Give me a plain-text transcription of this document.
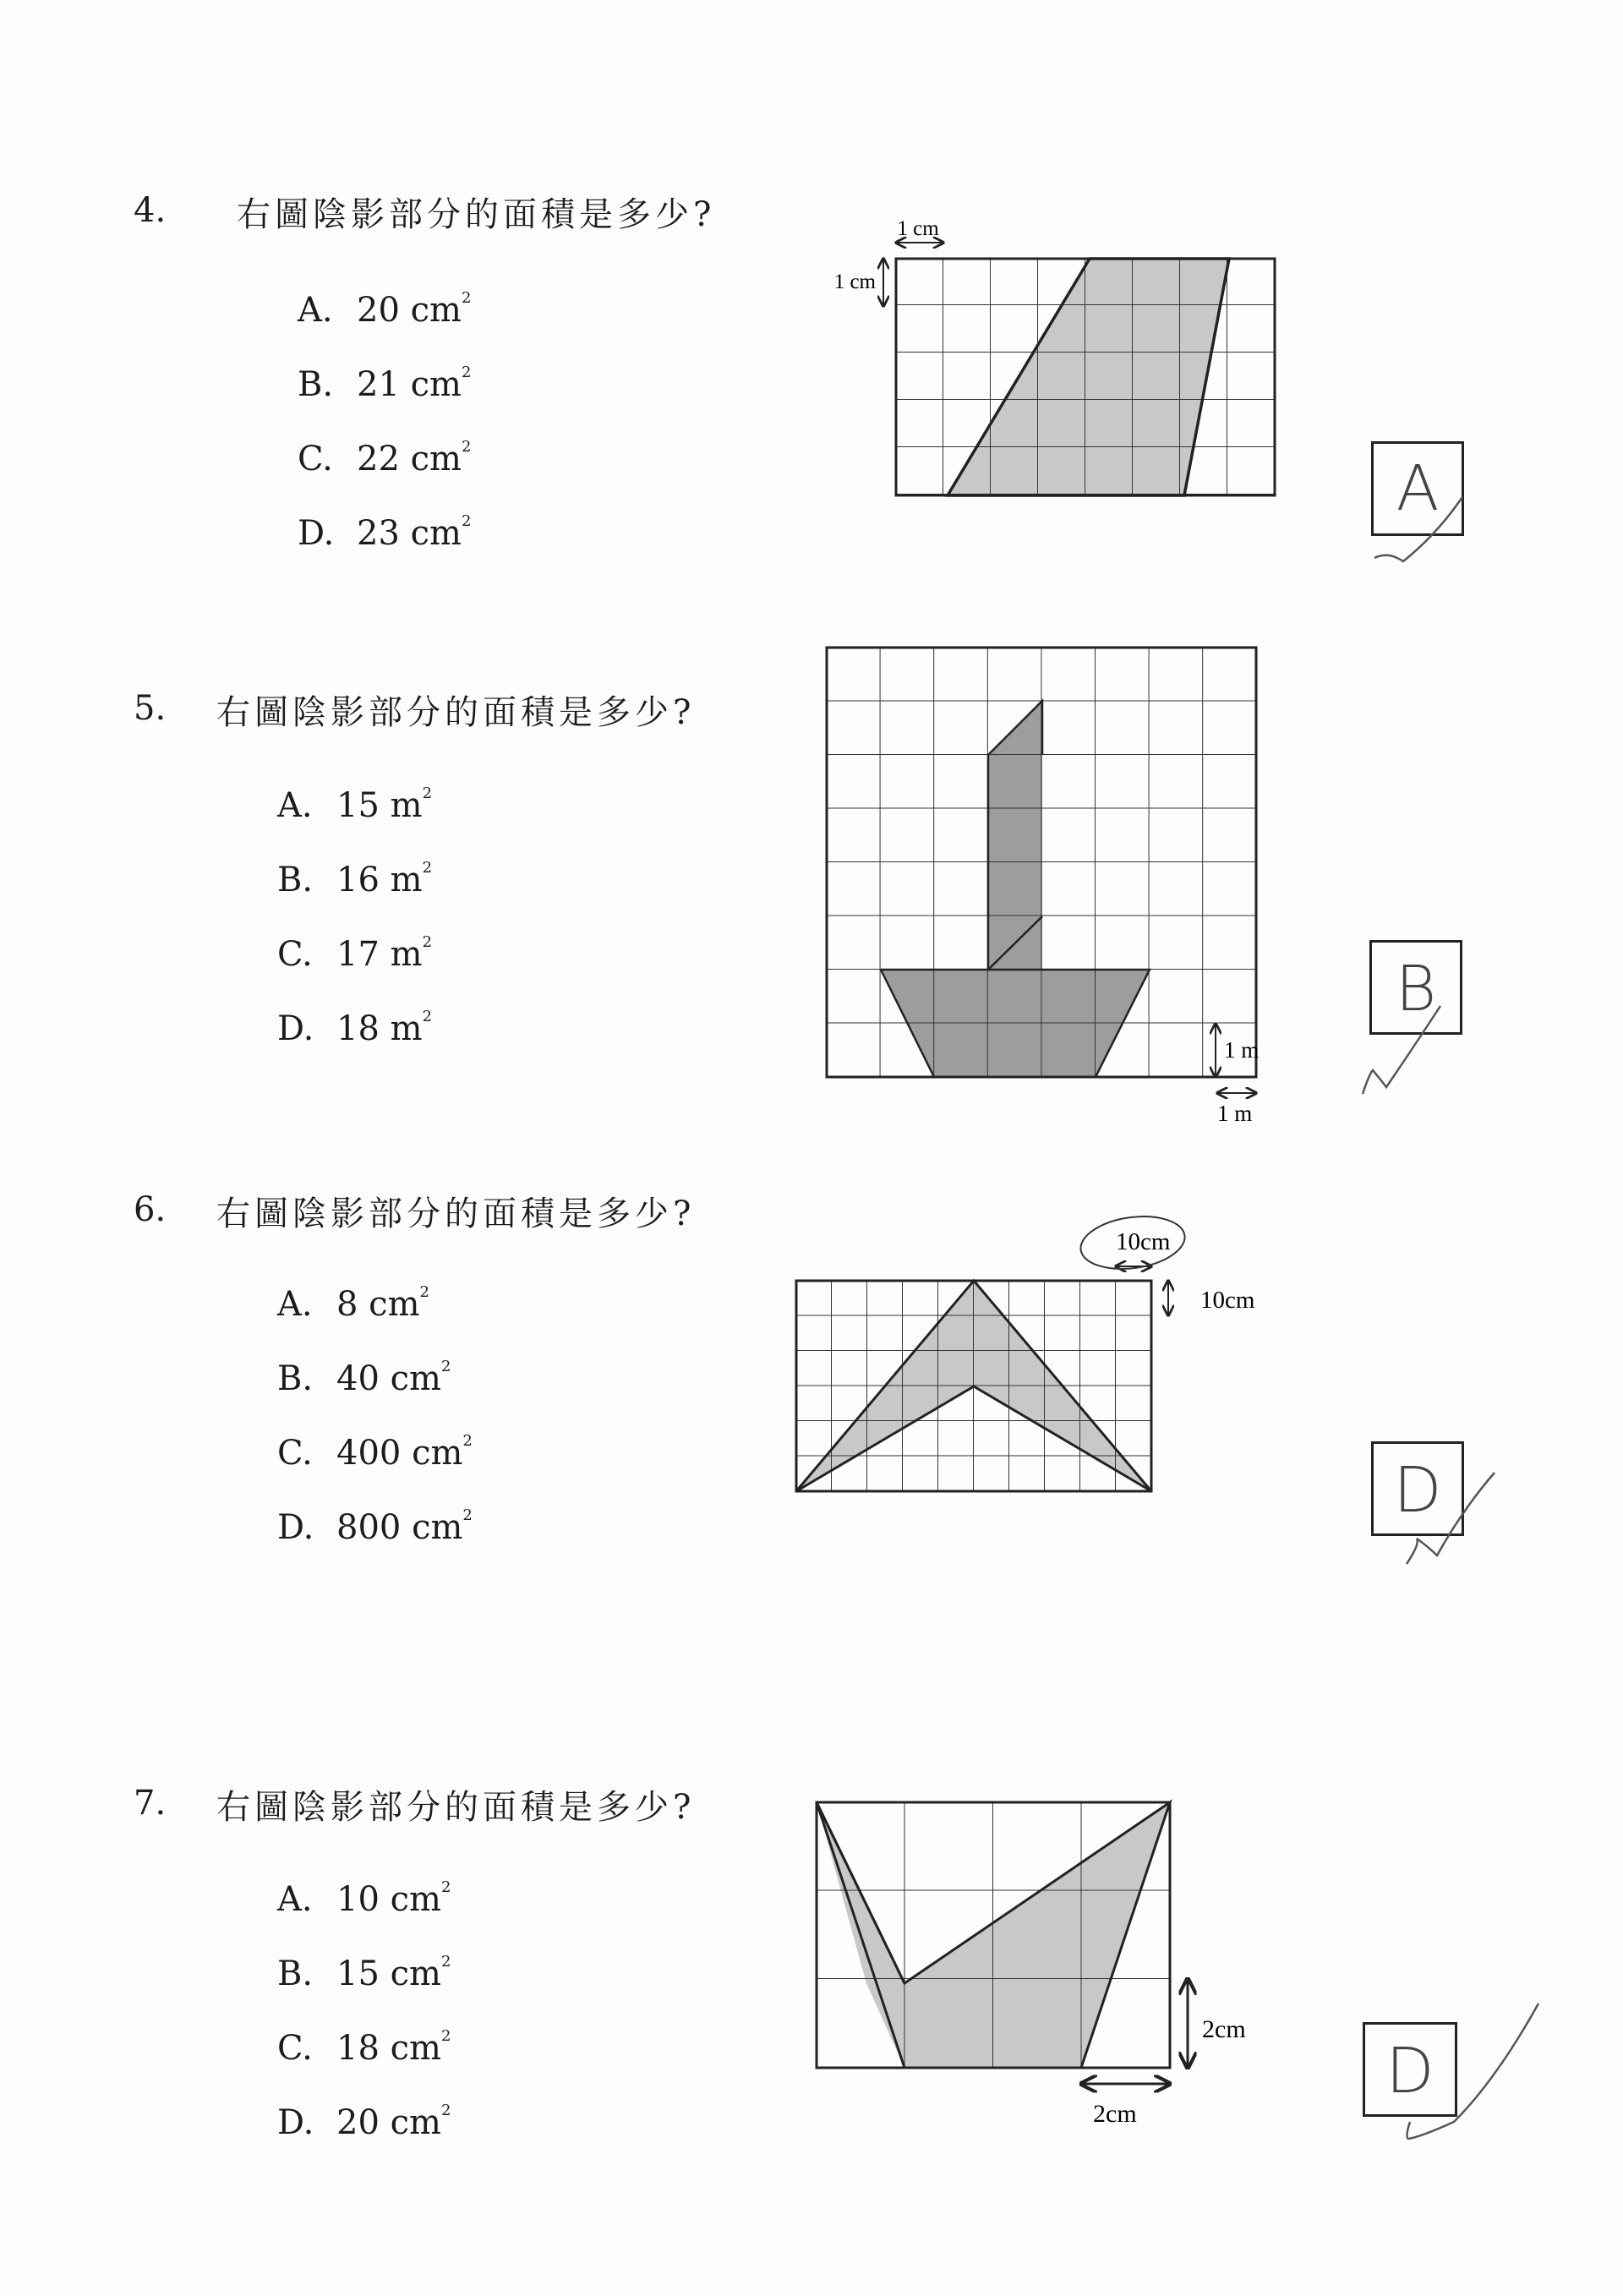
4. 右圖陰影部分的面積是多少?
A. 20 $cm^2$
B. 21 $cm^2$
C. 22 $cm^2$
D. 23 $cm^2$
1 cm
1 cm
A
5. 右圖陰影部分的面積是多少?
A. 15 $m^2$
B. 16 $m^2$
C. 17 $m^2$
D. 18 $m^2$
1 m
1 m
B
6. 右圖陰影部分的面積是多少?
A. 8 $cm^2$
B. 40 $cm^2$
C. 400 $cm^2$
D. 800 $cm^2$
10cm
10cm
D
7. 右圖陰影部分的面積是多少?
A. 10 $cm^2$
B. 15 $cm^2$
C. 18 $cm^2$
D. 20 $cm^2$
2cm
2cm
D
